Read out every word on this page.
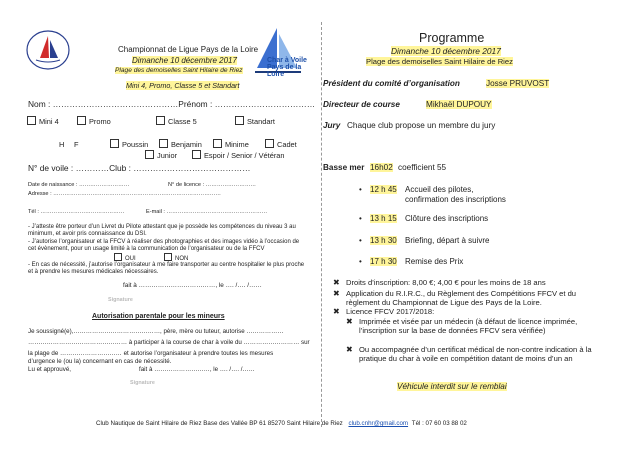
Char à Voile Pays de la Loire
Championnat de Ligue Pays de la Loire
Dimanche 10 décembre 2017
Plage des demoiselles Saint Hilaire de Riez
Mini 4, Promo, Classe 5 et Standart
Nom : ………………………………………Prénom : ………………………………
Mini 4	Promo	Classe 5	Standart
H F	Poussin	Benjamin	Minime	Cadet
Junior	Espoir / Senior / Vétéran
N° de voile : …………Club : ……………………………………
Date de naissance : ………………………	N° de licence : ………………………
Adresse : ………………………………………………………………………………
Tél : ………………………………………	E-mail : ………………………………………………
- J’atteste être porteur d’un Livret du Pilote attestant que je possède les compétences du niveau 3 au minimum, et avoir pris connaissance du DSI.
- J’autorise l’organisateur et la FFCV à réaliser des photographies et des images vidéo à l’occasion de cet évènement, pour un usage limité à la communication de l’organisateur ou de la FFCV
OUI	NON
- En cas de nécessité, j’autorise l’organisateur à me faire transporter au centre hospitalier le plus proche et à prendre les mesures médicales nécessaires.
fait à ………………………………, le …. /…. /……
Signature
Autorisation parentale pour les mineurs
Je soussigné(e),……………………………………, père, mère ou tuteur, autorise ………………
………………………………………… à participer à la course de char à voile du ……………………… sur
la plage de ………………………… et autorise l’organisateur à prendre toutes les mesures
d’urgence le (ou la) concernant en cas de nécessité.
Lu et approuvé,	fait à ………………………, le …. /…. /……
Signature
Programme
Dimanche 10 décembre 2017
Plage des demoiselles Saint Hilaire de Riez
Président du comité d’organisation	Josse PRUVOST
Directeur de course	Mikhaël DUPOUY
Jury Chaque club propose un membre du jury
Basse mer 16h02 coefficient 55
• 12 h 45 Accueil des pilotes, confirmation des inscriptions
• 13 h 15 Clôture des inscriptions
• 13 h 30 Briefing, départ à suivre
• 17 h 30 Remise des Prix
✖ Droits d’inscription: 8,00 €; 4,00 € pour les moins de 18 ans
✖ Application du R.I.R.C., du Règlement des Compétitions FFCV et du règlement du Championnat de Ligue des Pays de la Loire.
✖ Licence FFCV 2017/2018:
✖ Imprimée et visée par un médecin (à défaut de licence imprimée, l’inscription sur la base de données FFCV sera vérifiée)
✖ Ou accompagnée d’un certificat médical de non-contre indication à la pratique du char à voile en compétition datant de moins d’un an
Véhicule interdit sur le remblai
Club Nautique de Saint Hilaire de Riez Base des Vallée BP 61 85270 Saint Hilaire de Riez club.cnhr@gmail.com Tél : 07 60 03 88 02
